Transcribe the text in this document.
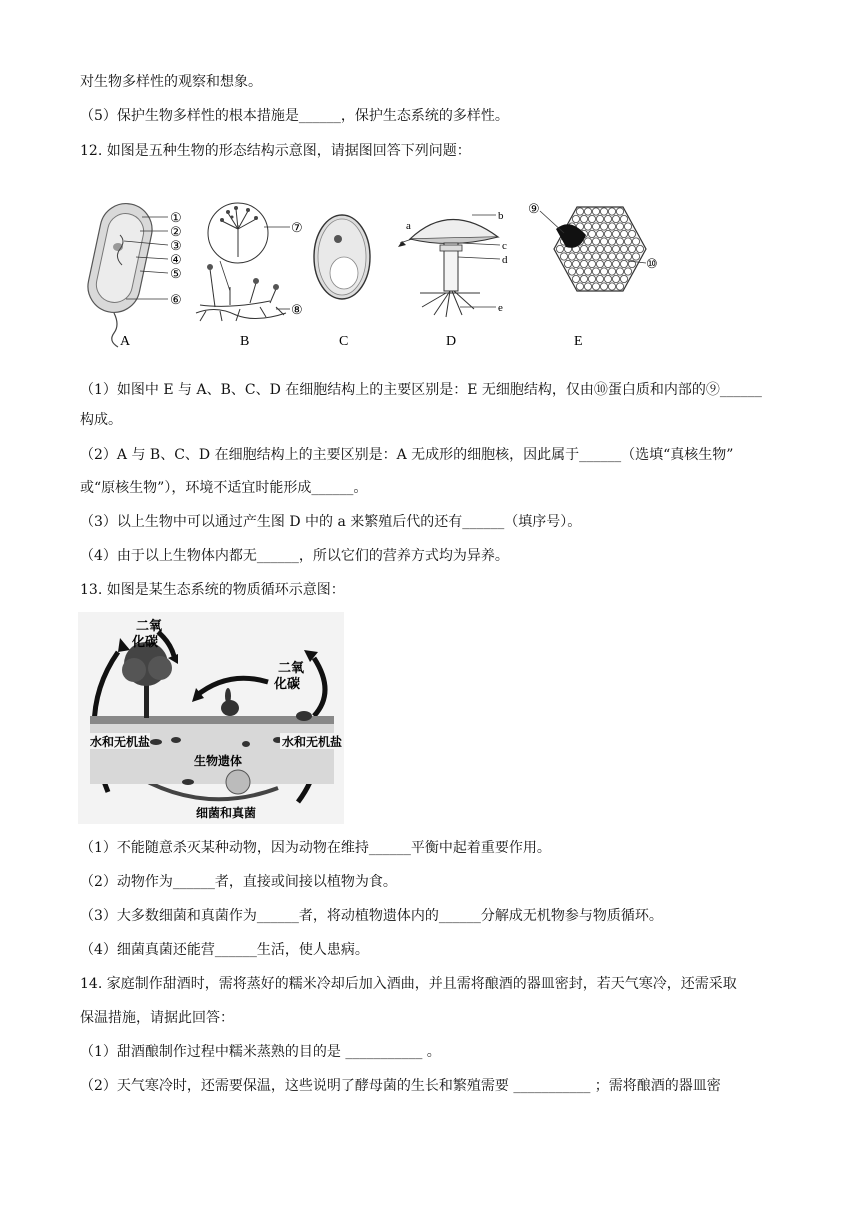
对生物多样性的观察和想象。
（5）保护生物多样性的根本措施是______，保护生态系统的多样性。
12. 如图是五种生物的形态结构示意图，请据图回答下列问题：
①
②
③
④
⑤
⑥
A
⑦
⑧
B	C
a
b
c
d
e
D
⑨
⑩
E
（1）如图中 E 与 A、B、C、D 在细胞结构上的主要区别是：E 无细胞结构，仅由⑩蛋白质和内部的⑨______
构成。
（2）A 与 B、C、D 在细胞结构上的主要区别是：A 无成形的细胞核，因此属于______（选填“真核生物”
或“原核生物”），环境不适宜时能形成______。
（3）以上生物中可以通过产生图 D 中的 a 来繁殖后代的还有______（填序号）。
（4）由于以上生物体内都无______，所以它们的营养方式均为异养。
13. 如图是某生态系统的物质循环示意图：
二氧
化碳
二氧
化碳
水和无机盐	水和无机盐
生物遗体
细菌和真菌
（1）不能随意杀灭某种动物，因为动物在维持______平衡中起着重要作用。
（2）动物作为______者，直接或间接以植物为食。
（3）大多数细菌和真菌作为______者，将动植物遗体内的______分解成无机物参与物质循环。
（4）细菌真菌还能营______生活，使人患病。
14. 家庭制作甜酒时，需将蒸好的糯米冷却后加入酒曲，并且需将酿酒的器皿密封，若天气寒冷，还需采取
保温措施，请据此回答：
（1）甜酒酿制作过程中糯米蒸熟的目的是 ___________ 。
（2）天气寒冷时，还需要保温，这些说明了酵母菌的生长和繁殖需要 ___________ ；需将酿酒的器皿密
